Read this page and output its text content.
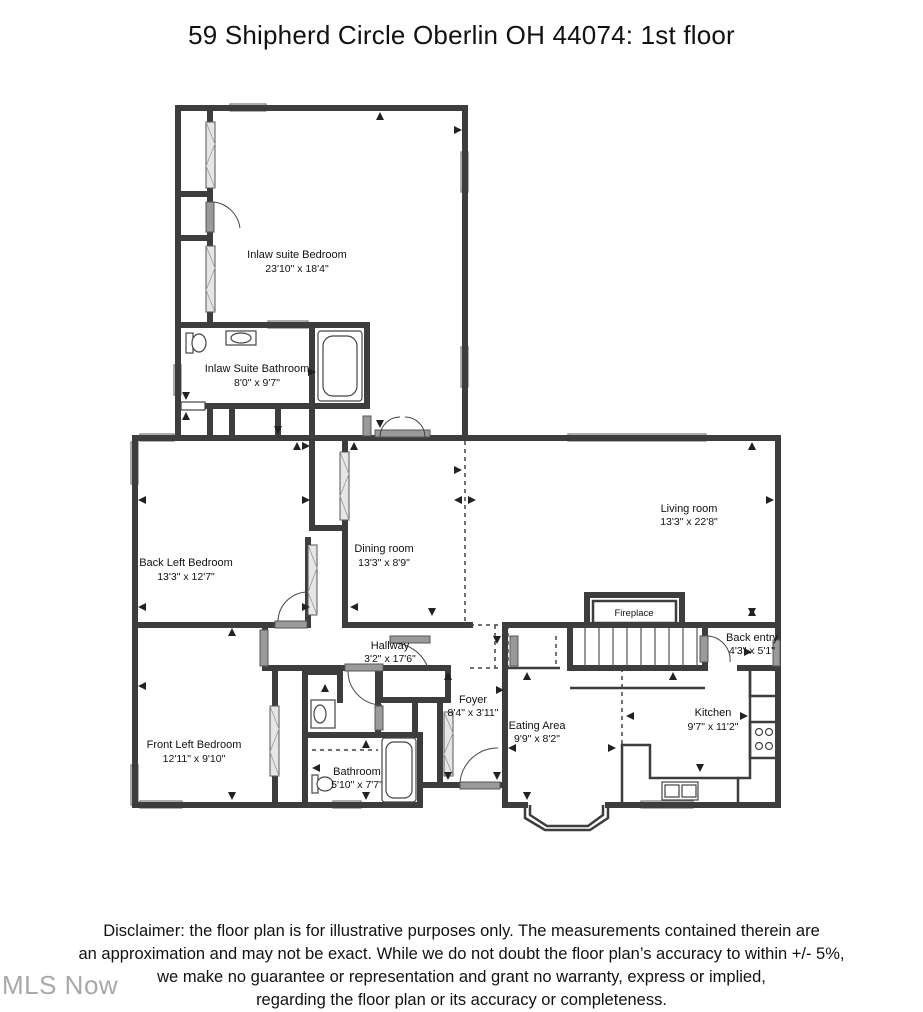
59 Shipherd Circle Oberlin OH 44074: 1st floor
Fireplace
Inlaw suite Bedroom
23'10" x 18'4"
Inlaw Suite Bathroom
8'0" x 9'7"
Living room
13'3" x 22'8"
Back Left Bedroom
13'3" x 12'7"
Dining room
13'3" x 8'9"
Hallway
3'2" x 17'6"
Back entry
4'3" x 5'1"
Foyer
8'4" x 3'11"
Front Left Bedroom
12'11" x 9'10"
Eating Area
9'9" x 8'2"
Kitchen
9'7" x 11'2"
Bathroom
5'10" x 7'7"
Disclaimer: the floor plan is for illustrative purposes only. The measurements contained therein are
an approximation and may not be exact. While we do not doubt the floor plan’s accuracy to within +/- 5%,
we make no guarantee or representation and grant no warranty, express or implied,
regarding the floor plan or its accuracy or completeness.
MLS Now
